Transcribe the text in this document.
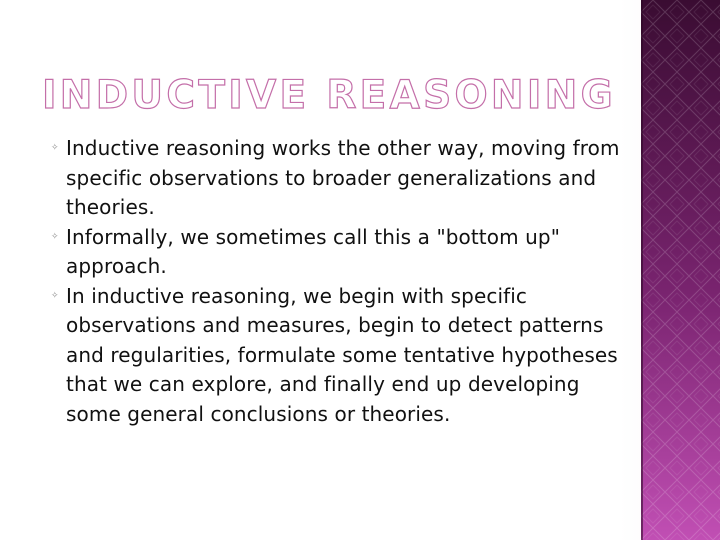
INDUCTIVE REASONING
✧ Inductive reasoning works the other way, moving from specific observations to broader generalizations and theories.
✧ Informally, we sometimes call this a "bottom up" approach.
✧ In inductive reasoning, we begin with specific observations and measures, begin to detect patterns and regularities, formulate some tentative hypotheses that we can explore, and finally end up developing some general conclusions or theories.
